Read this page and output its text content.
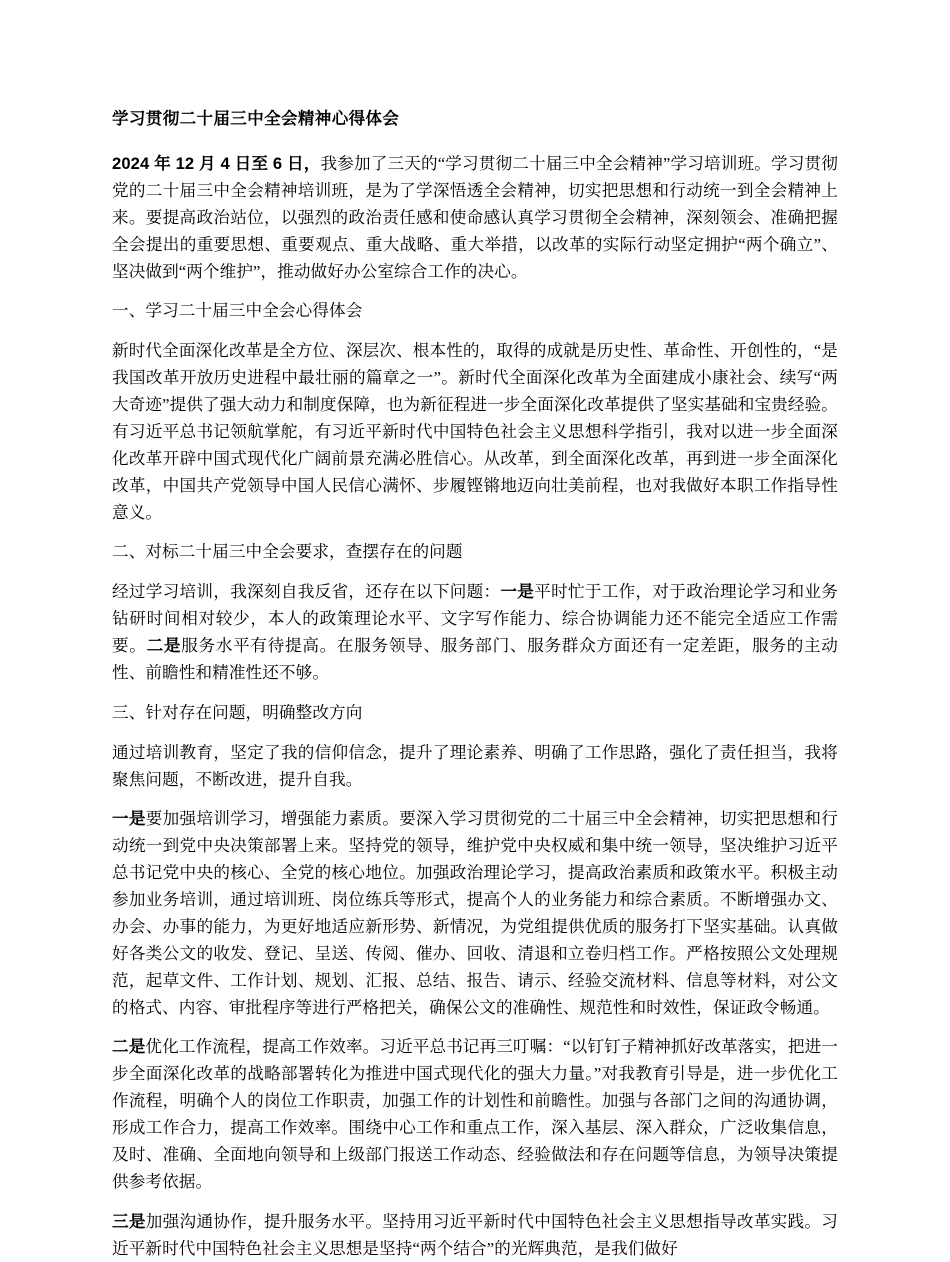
学习贯彻二十届三中全会精神心得体会

2024 年 12 月 4 日至 6 日，我参加了三天的“学习贯彻二十届三中全会精神”学习培训班。学习贯彻党的二十届三中全会精神培训班，是为了学深悟透全会精神，切实把思想和行动统一到全会精神上来。要提高政治站位，以强烈的政治责任感和使命感认真学习贯彻全会精神，深刻领会、准确把握全会提出的重要思想、重要观点、重大战略、重大举措，以改革的实际行动坚定拥护“两个确立”、坚决做到“两个维护”，推动做好办公室综合工作的决心。

一、学习二十届三中全会心得体会

新时代全面深化改革是全方位、深层次、根本性的，取得的成就是历史性、革命性、开创性的，“是我国改革开放历史进程中最壮丽的篇章之一”。新时代全面深化改革为全面建成小康社会、续写“两大奇迹”提供了强大动力和制度保障，也为新征程进一步全面深化改革提供了坚实基础和宝贵经验。有习近平总书记领航掌舵，有习近平新时代中国特色社会主义思想科学指引，我对以进一步全面深化改革开辟中国式现代化广阔前景充满必胜信心。从改革，到全面深化改革，再到进一步全面深化改革，中国共产党领导中国人民信心满怀、步履铿锵地迈向壮美前程，也对我做好本职工作指导性意义。

二、对标二十届三中全会要求，查摆存在的问题

经过学习培训，我深刻自我反省，还存在以下问题：一是平时忙于工作，对于政治理论学习和业务钻研时间相对较少，本人的政策理论水平、文字写作能力、综合协调能力还不能完全适应工作需要。二是服务水平有待提高。在服务领导、服务部门、服务群众方面还有一定差距，服务的主动性、前瞻性和精准性还不够。

三、针对存在问题，明确整改方向

通过培训教育，坚定了我的信仰信念，提升了理论素养、明确了工作思路，强化了责任担当，我将聚焦问题，不断改进，提升自我。

一是要加强培训学习，增强能力素质。要深入学习贯彻党的二十届三中全会精神，切实把思想和行动统一到党中央决策部署上来。坚持党的领导，维护党中央权威和集中统一领导，坚决维护习近平总书记党中央的核心、全党的核心地位。加强政治理论学习，提高政治素质和政策水平。积极主动参加业务培训，通过培训班、岗位练兵等形式，提高个人的业务能力和综合素质。不断增强办文、办会、办事的能力，为更好地适应新形势、新情况，为党组提供优质的服务打下坚实基础。认真做好各类公文的收发、登记、呈送、传阅、催办、回收、清退和立卷归档工作。严格按照公文处理规范，起草文件、工作计划、规划、汇报、总结、报告、请示、经验交流材料、信息等材料，对公文的格式、内容、审批程序等进行严格把关，确保公文的准确性、规范性和时效性，保证政令畅通。

二是优化工作流程，提高工作效率。习近平总书记再三叮嘱：“以钉钉子精神抓好改革落实，把进一步全面深化改革的战略部署转化为推进中国式现代化的强大力量。”对我教育引导是，进一步优化工作流程，明确个人的岗位工作职责，加强工作的计划性和前瞻性。加强与各部门之间的沟通协调，形成工作合力，提高工作效率。围绕中心工作和重点工作，深入基层、深入群众，广泛收集信息，及时、准确、全面地向领导和上级部门报送工作动态、经验做法和存在问题等信息，为领导决策提供参考依据。

三是加强沟通协作，提升服务水平。坚持用习近平新时代中国特色社会主义思想指导改革实践。习近平新时代中国特色社会主义思想是坚持“两个结合”的光辉典范，是我们做好
